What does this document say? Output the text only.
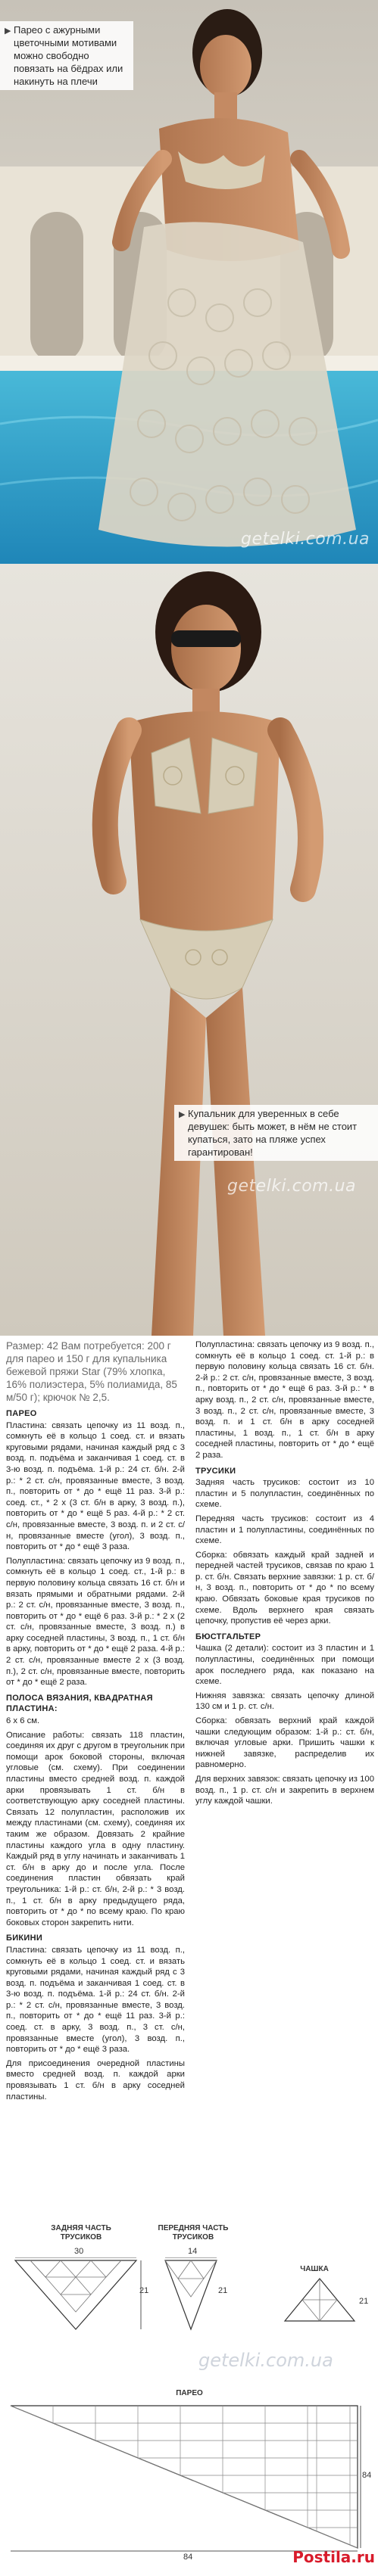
▶ Парео с ажурными цветочными мотивами можно свободно повязать на бёдрах или накинуть на плечи
getelki.com.ua
▶ Купальник для уверенных в себе девушек: быть может, в нём не стоит купаться, зато на пляже успех гарантирован!
getelki.com.ua
Размер: 42 Вам потребуется: 200 г для парео и 150 г для купальника бежевой пряжи Star (79% хлопка, 16% полиэстера, 5% полиамида, 85 м/50 г); крючок № 2,5.
ПАРЕО
Пластина: связать цепочку из 11 возд. п., сомкнуть её в кольцо 1 соед. ст. и вязать круговыми рядами, начиная каждый ряд с 3 возд. п. подъёма и заканчивая 1 соед. ст. в 3-ю возд. п. подъёма. 1-й р.: 24 ст. б/н. 2-й р.: * 2 ст. с/н, провязанные вместе, 3 возд. п., повторить от * до * ещё 11 раз. 3-й р.: соед. ст., * 2 х (3 ст. б/н в арку, 3 возд. п.), повторить от * до * ещё 5 раз. 4-й р.: * 2 ст. с/н, провязанные вместе, 3 возд. п. и 2 ст. с/н, провязанные вместе (угол), 3 возд. п., повторить от * до * ещё 3 раза.
Полупластина: связать цепочку из 9 возд. п., сомкнуть её в кольцо 1 соед. ст., 1-й р.: в первую половину кольца связать 16 ст. б/н и вязать прямыми и обратными рядами. 2-й р.: 2 ст. с/н, провязанные вместе, 3 возд. п., повторить от * до * ещё 6 раз. 3-й р.: * 2 х (2 ст. с/н, провязанные вместе, 3 возд. п.) в арку соседней пластины, 3 возд. п., 1 ст. б/н в арку, повторить от * до * ещё 2 раза. 4-й р.: 2 ст. с/н, провязанные вместе 2 х (3 возд. п.), 2 ст. с/н, провязанные вместе, повторить от * до * ещё 2 раза.
ПОЛОСА ВЯЗАНИЯ, КВАДРАТНАЯ ПЛАСТИНА:
6 х 6 см.
Описание работы: связать 118 пластин, соединяя их друг с другом в треугольник при помощи арок боковой стороны, включая угловые (см. схему). При соединении пластины вместо средней возд. п. каждой арки провязывать 1 ст. б/н в соответствующую арку соседней пластины. Связать 12 полупластин, расположив их между пластинами (см. схему), соединяя их таким же образом. Довязать 2 крайние пластины каждого угла в одну пластину. Каждый ряд в углу начинать и заканчивать 1 ст. б/н в арку до и после угла. После соединения пластин обвязать край треугольника: 1-й р.: ст. б/н, 2-й р.: * 3 возд. п., 1 ст. б/н в арку предыдущего ряда, повторить от * до * по всему краю. По краю боковых сторон закрепить нити.
БИКИНИ
Пластина: связать цепочку из 11 возд. п., сомкнуть её в кольцо 1 соед. ст. и вязать круговыми рядами, начиная каждый ряд с 3 возд. п. подъёма и заканчивая 1 соед. ст. в 3-ю возд. п. подъёма. 1-й р.: 24 ст. б/н. 2-й р.: * 2 ст. с/н, провязанные вместе, 3 возд. п., повторить от * до * ещё 11 раз. 3-й р.: соед. ст. в арку, 3 возд. п., 3 ст. с/н, провязанные вместе (угол), 3 возд. п., повторить от * до * ещё 3 раза.
Для присоединения очередной пластины вместо средней возд. п. каждой арки провязывать 1 ст. б/н в арку соседней пластины.
Полупластина: связать цепочку из 9 возд. п., сомкнуть её в кольцо 1 соед. ст. 1-й р.: в первую половину кольца связать 16 ст. б/н. 2-й р.: 2 ст. с/н, провязанные вместе, 3 возд. п., повторить от * до * ещё 6 раз. 3-й р.: * в арку возд. п., 2 ст. с/н, провязанные вместе, 3 возд. п., 2 ст. с/н, провязанные вместе, 3 возд. п. и 1 ст. б/н в арку соседней пластины, 1 возд. п., 1 ст. б/н в арку соседней пластины, повторить от * до * ещё 2 раза.
ТРУСИКИ
Задняя часть трусиков: состоит из 10 пластин и 5 полупластин, соединённых по схеме.
Передняя часть трусиков: состоит из 4 пластин и 1 полупластины, соединённых по схеме.
Сборка: обвязать каждый край задней и передней частей трусиков, связав по краю 1 р. ст. б/н. Связать верхние завязки: 1 р. ст. б/н, 3 возд. п., повторить от * до * по всему краю. Обвязать боковые края трусиков по схеме. Вдоль верхнего края связать цепочку, пропустив её через арки.
БЮСТГАЛЬТЕР
Чашка (2 детали): состоит из 3 пластин и 1 полупластины, соединённых при помощи арок последнего ряда, как показано на схеме.
Нижняя завязка: связать цепочку длиной 130 см и 1 р. ст. с/н.
Сборка: обвязать верхний край каждой чашки следующим образом: 1-й р.: ст. б/н, включая угловые арки. Пришить чашки к нижней завязке, распределив их равномерно.
Для верхних завязок: связать цепочку из 100 возд. п., 1 р. ст. с/н и закрепить в верхнем углу каждой чашки.
ЗАДНЯЯ ЧАСТЬ ТРУСИКОВ
30
21
ПЕРЕДНЯЯ ЧАСТЬ ТРУСИКОВ
14
21
ЧАШКА
21
getelki.com.ua
ПАРЕО
84
84
Postila.ru
